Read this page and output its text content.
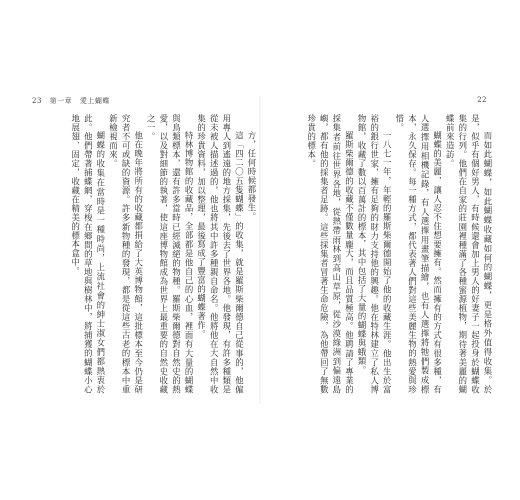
23 第一章 愛上蝴蝶

方，任何時候都發生。

這「四二〇五隻蝴蝶」的收集，就是羅斯柴爾德自己從事的，他僱用專人到遙遠的地方採集，先後去了世界各地。他發現，有許多種類是從未被人描述過的，他也將其中許多種親自命名。他將他在大自然中收集的珍貴資料，加以整理，最後寫成了豐富的蝴蝶著作。

特林博物館的收藏品，全部都是他自己的心血，裡面有大量的蝴蝶與鳥類標本，還有許多當時已經滅絕的物種。羅斯柴爾德對自然史的熱愛，以及對細節的執著，使這座博物館成為世界上最重要的自然史收藏之一。

他在晚年將所有的收藏都捐給了大英博物館，這批標本至今仍是研究者不可或缺的資源。許多新物種的發現，都是從這些古老的標本中重新檢視而來。

蝴蝶的收集在當時是一種時尚，上流社會的紳士淑女們都熱衷於此。他們帶著捕蝶網，穿梭在鄉間的草地與樹林中，將捕獲的蝴蝶小心地展翅、固定，收藏在精美的標本盒中。

22

而如此蝴蝶，如此蝴蝶收藏如何的蝴蝶，更是格外值得收集。於是，似乎有個好男人，有時候還會加上男人的好妻子一起投身於蝴蝶收集的行列。他們在自家的莊園裡種滿了各種蜜源植物，期待著美麗的蝴蝶前來造訪。

蝴蝶的美麗，讓人忍不住想要擁有。然而擁有的方式有很多種，有人選擇用相機記錄，有人選擇用畫筆描繪，也有人選擇將牠們製成標本，永久保存。每一種方式，都代表著人們對這些美麗生物的熱愛與珍惜。

一八七一年，年輕的羅斯柴爾德開始了他的收藏生涯。他出生於富裕的銀行世家，擁有足夠的財力支持他的興趣。他在特林建立了私人博物館，收藏了數以百萬計的標本，其中包括了大量的蝴蝶與蛾類。

羅斯柴爾德的收藏不僅數量龐大，而且品質極高。他聘請了專業的採集者前往世界各地，從熱帶雨林到高山草原，從沙漠綠洲到偏遠島嶼，都有他的採集者足跡。這些採集者冒著生命危險，為他帶回了無數珍貴的標本。
